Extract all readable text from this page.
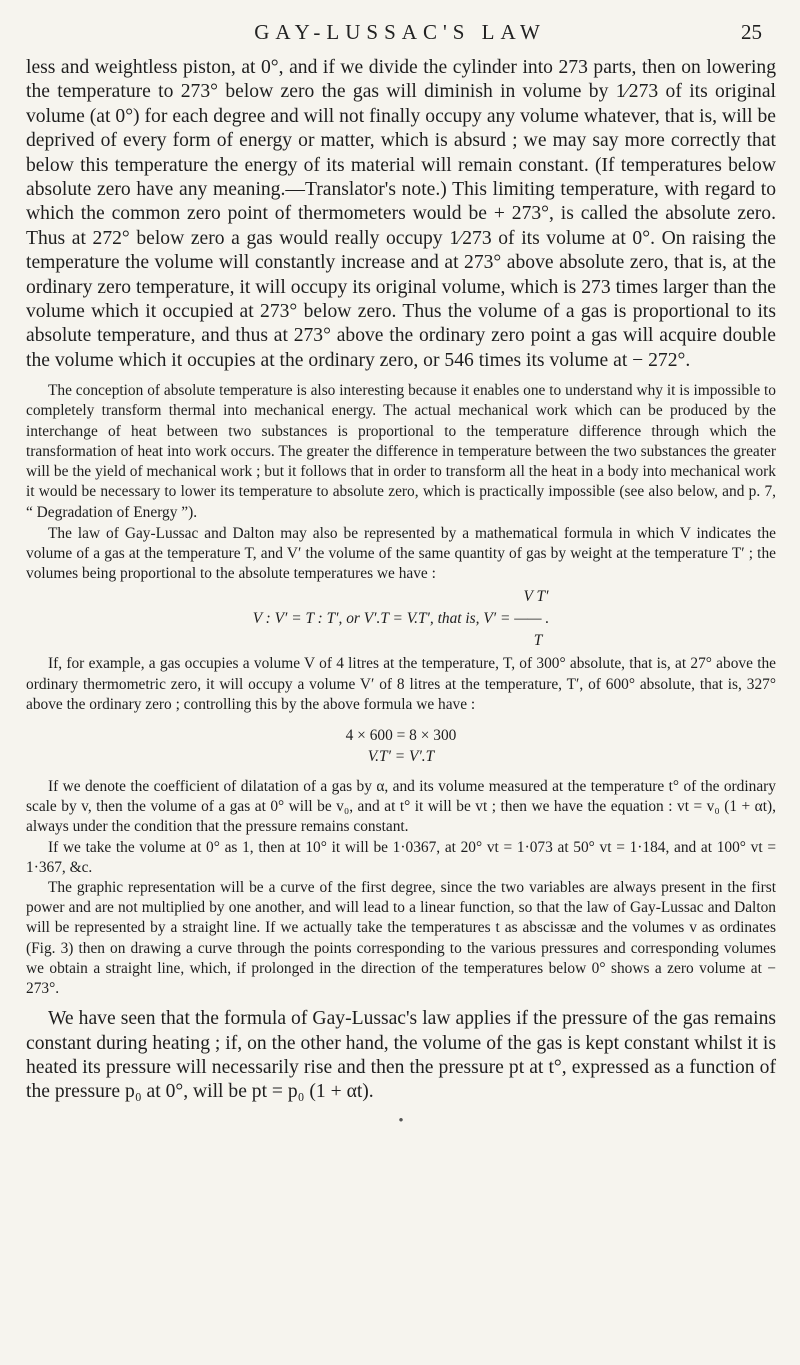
GAY-LUSSAC'S LAW	25

less and weightless piston, at 0°, and if we divide the cylinder into 273 parts, then on lowering the temperature to 273° below zero the gas will diminish in volume by 1⁄273 of its original volume (at 0°) for each degree and will not finally occupy any volume whatever, that is, will be deprived of every form of energy or matter, which is absurd ; we may say more correctly that below this temperature the energy of its material will remain constant. (If temperatures below absolute zero have any meaning.—Translator's note.) This limiting temperature, with regard to which the common zero point of thermometers would be + 273°, is called the absolute zero. Thus at 272° below zero a gas would really occupy 1⁄273 of its volume at 0°. On raising the temperature the volume will constantly increase and at 273° above absolute zero, that is, at the ordinary zero temperature, it will occupy its original volume, which is 273 times larger than the volume which it occupied at 273° below zero. Thus the volume of a gas is proportional to its absolute temperature, and thus at 273° above the ordinary zero point a gas will acquire double the volume which it occupies at the ordinary zero, or 546 times its volume at − 272°.

The conception of absolute temperature is also interesting because it enables one to understand why it is impossible to completely transform thermal into mechanical energy. The actual mechanical work which can be produced by the interchange of heat between two substances is proportional to the temperature difference through which the transformation of heat into work occurs. The greater the difference in temperature between the two substances the greater will be the yield of mechanical work ; but it follows that in order to transform all the heat in a body into mechanical work it would be necessary to lower its temperature to absolute zero, which is practically impossible (see also below, and p. 7, “ Degradation of Energy ”).

The law of Gay-Lussac and Dalton may also be represented by a mathematical formula in which V indicates the volume of a gas at the temperature T, and V′ the volume of the same quantity of gas by weight at the temperature T′ ; the volumes being proportional to the absolute temperatures we have :

V T′
V : V′ = T : T′, or V′.T = V.T′, that is, V′ = —— .
T

If, for example, a gas occupies a volume V of 4 litres at the temperature, T, of 300° absolute, that is, at 27° above the ordinary thermometric zero, it will occupy a volume V′ of 8 litres at the temperature, T′, of 600° absolute, that is, 327° above the ordinary zero ; controlling this by the above formula we have :

4 × 600 = 8 × 300
V.T′ = V′.T

If we denote the coefficient of dilatation of a gas by α, and its volume measured at the temperature t° of the ordinary scale by v, then the volume of a gas at 0° will be v₀, and at t° it will be vt ; then we have the equation : vt = v₀ (1 + αt), always under the condition that the pressure remains constant.

If we take the volume at 0° as 1, then at 10° it will be 1·0367, at 20° vt = 1·073 at 50° vt = 1·184, and at 100° vt = 1·367, &c.

The graphic representation will be a curve of the first degree, since the two variables are always present in the first power and are not multiplied by one another, and will lead to a linear function, so that the law of Gay-Lussac and Dalton will be represented by a straight line. If we actually take the temperatures t as abscissæ and the volumes v as ordinates (Fig. 3) then on drawing a curve through the points corresponding to the various pressures and corresponding volumes we obtain a straight line, which, if prolonged in the direction of the temperatures below 0° shows a zero volume at − 273°.

We have seen that the formula of Gay-Lussac's law applies if the pressure of the gas remains constant during heating ; if, on the other hand, the volume of the gas is kept constant whilst it is heated its pressure will necessarily rise and then the pressure pt at t°, expressed as a function of the pressure p₀ at 0°, will be pt = p₀ (1 + αt).

•
